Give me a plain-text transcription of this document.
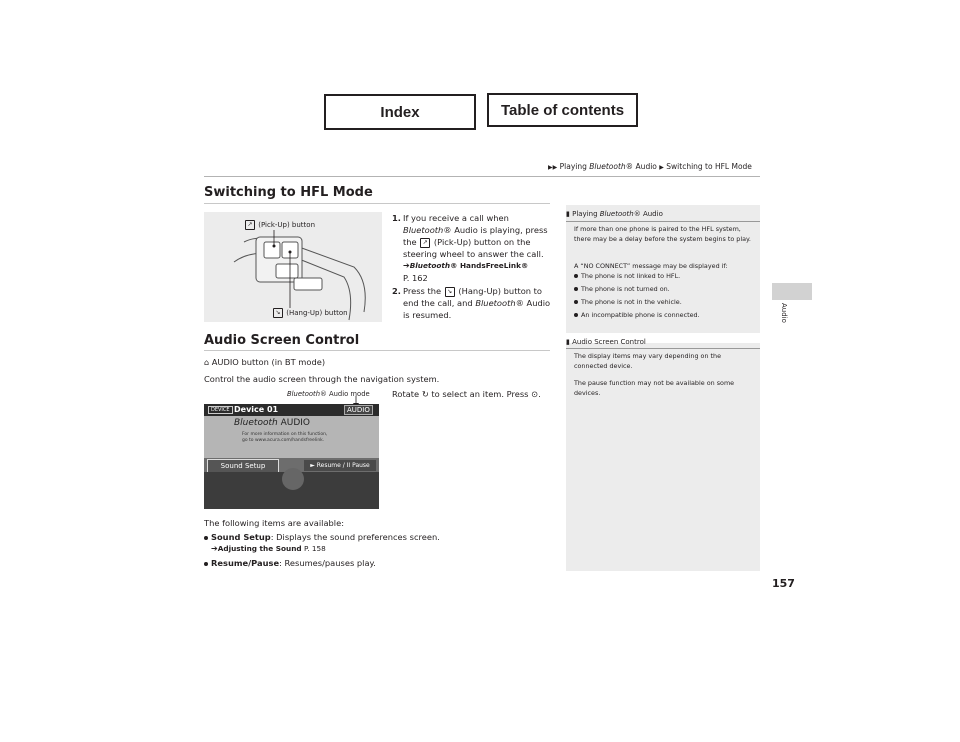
Index	Table of contents
▶▶ Playing Bluetooth® Audio ▶ Switching to HFL Mode
Switching to HFL Mode
↗ (Pick-Up) button
↘ (Hang-Up) button
1. If you receive a call when
Bluetooth® Audio is playing, press
the ↗ (Pick-Up) button on the
steering wheel to answer the call.
➔Bluetooth® HandsFreeLink®
P. 162
2. Press the ↘ (Hang-Up) button to
end the call, and Bluetooth® Audio
is resumed.
Audio Screen Control
⌂ AUDIO button (in BT mode)
Control the audio screen through the navigation system.
Bluetooth® Audio mode	Rotate ↻ to select an item. Press ⊙.
DEVICE Device 01	AUDIO
Bluetooth AUDIO
For more information on this function,
go to www.acura.com/handsfreelink.
Sound Setup	► Resume / II Pause
The following items are available:
Sound Setup: Displays the sound preferences screen.
➔Adjusting the Sound P. 158
Resume/Pause: Resumes/pauses play.
▮ Playing Bluetooth® Audio
If more than one phone is paired to the HFL system, there may be a delay before the system begins to play.
A “NO CONNECT” message may be displayed if:
The phone is not linked to HFL.
The phone is not turned on.
The phone is not in the vehicle.
An incompatible phone is connected.
▮ Audio Screen Control
The display items may vary depending on the connected device.
The pause function may not be available on some devices.
Audio
157
